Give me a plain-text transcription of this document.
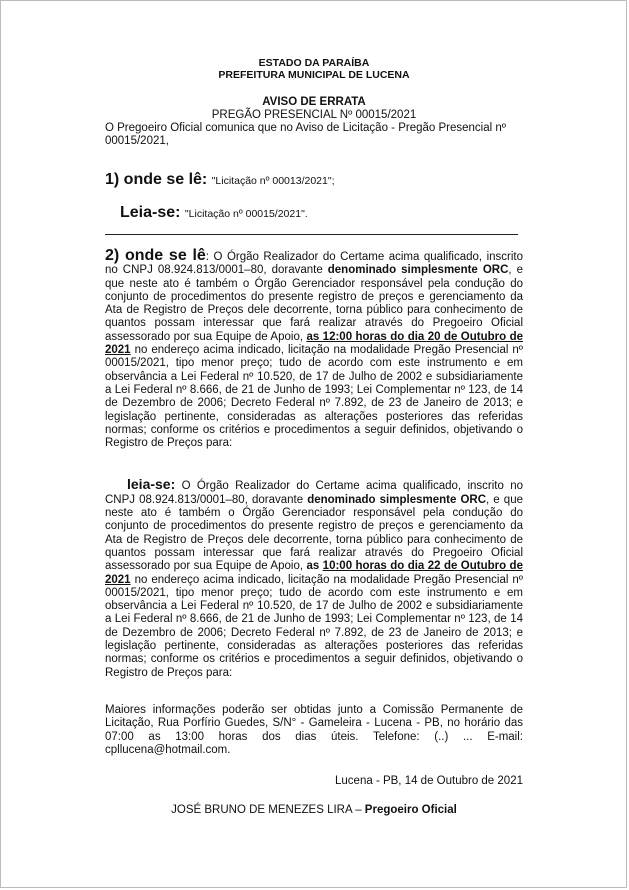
ESTADO DA PARAÍBA
PREFEITURA MUNICIPAL DE LUCENA
AVISO DE ERRATA
PREGÃO PRESENCIAL Nº 00015/2021
O Pregoeiro Oficial comunica que no Aviso de Licitação - Pregão Presencial nº 00015/2021,
1) onde se lê: "Licitação nº 00013/2021";
Leia-se: "Licitação nº 00015/2021".
2) onde se lê: O Órgão Realizador do Certame acima qualificado, inscrito no CNPJ 08.924.813/0001–80, doravante denominado simplesmente ORC, e que neste ato é também o Órgão Gerenciador responsável pela condução do conjunto de procedimentos do presente registro de preços e gerenciamento da Ata de Registro de Preços dele decorrente, torna público para conhecimento de quantos possam interessar que fará realizar através do Pregoeiro Oficial assessorado por sua Equipe de Apoio, as 12:00 horas do dia 20 de Outubro de 2021 no endereço acima indicado, licitação na modalidade Pregão Presencial nº 00015/2021, tipo menor preço; tudo de acordo com este instrumento e em observância a Lei Federal nº 10.520, de 17 de Julho de 2002 e subsidiariamente a Lei Federal nº 8.666, de 21 de Junho de 1993; Lei Complementar nº 123, de 14 de Dezembro de 2006; Decreto Federal nº 7.892, de 23 de Janeiro de 2013; e legislação pertinente, consideradas as alterações posteriores das referidas normas; conforme os critérios e procedimentos a seguir definidos, objetivando o Registro de Preços para:
leia-se: O Órgão Realizador do Certame acima qualificado, inscrito no CNPJ 08.924.813/0001–80, doravante denominado simplesmente ORC, e que neste ato é também o Órgão Gerenciador responsável pela condução do conjunto de procedimentos do presente registro de preços e gerenciamento da Ata de Registro de Preços dele decorrente, torna público para conhecimento de quantos possam interessar que fará realizar através do Pregoeiro Oficial assessorado por sua Equipe de Apoio, as 10:00 horas do dia 22 de Outubro de 2021 no endereço acima indicado, licitação na modalidade Pregão Presencial nº 00015/2021, tipo menor preço; tudo de acordo com este instrumento e em observância a Lei Federal nº 10.520, de 17 de Julho de 2002 e subsidiariamente a Lei Federal nº 8.666, de 21 de Junho de 1993; Lei Complementar nº 123, de 14 de Dezembro de 2006; Decreto Federal nº 7.892, de 23 de Janeiro de 2013; e legislação pertinente, consideradas as alterações posteriores das referidas normas; conforme os critérios e procedimentos a seguir definidos, objetivando o Registro de Preços para:
Maiores informações poderão ser obtidas junto a Comissão Permanente de Licitação, Rua Porfírio Guedes, S/N° - Gameleira - Lucena - PB, no horário das 07:00 as 13:00 horas dos dias úteis. Telefone: (..) ... E-mail: cpllucena@hotmail.com.
Lucena - PB, 14 de Outubro de 2021
JOSÉ BRUNO DE MENEZES LIRA – Pregoeiro Oficial
